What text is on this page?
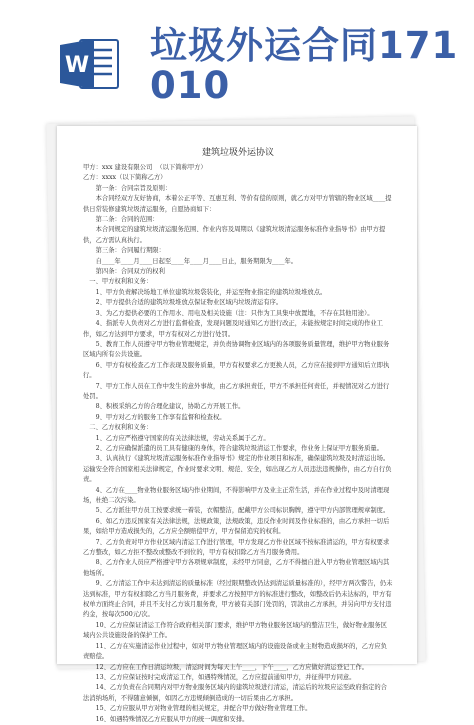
W 垃圾外运合同171010
建筑垃圾外运协议

甲方：xxx 建设有限公司  （以下简称甲方）

乙方：xxxx（以下简称乙方）

第一条：合同宗旨及原则：

本合同经双方友好协商，本着公正平等、互惠互利、等价有偿的原则，就乙方对甲方管辖的物业区域____提供日常装修建筑垃圾清运服务，自愿协商如下：

第二条：合同的范围：

本合同规定的建筑垃圾清运服务范围、作业内容及周期以《建筑垃圾清运服务标准作业指导书》由甲方提供，乙方需认真执行。

第三条：合同履行期限：

自____年____月____日起至____年____月____日止，服务期限为____年。

第四条：合同双方的权利

一、甲方权利和义务：

1、甲方负责解决场地工单位建筑垃圾袋装化，并运至物业指定的建筑垃圾堆放点。

2、甲方提供合适的建筑垃圾堆放点保证物业区域内垃圾清运有序。

3、为乙方提供必要的工作用水、用电及相关设施（注：只作为工具集中放置地，不存在其他用途）。

4、指派专人负责对乙方进行监督检查，发现问题及时通知乙方进行改正，未能按规定时间完成的作业工作，如乙方达到甲方要求，甲方有权对乙方进行处罚。

5、教育工作人员遵守甲方物业管理规定，并负责协调物业区域内的各项服务质量管理，维护甲方物业服务区域内所有公共设施。

6、甲方有权检查乙方工作表现及服务质量，甲方有权要求乙方更换人员，乙方应在接到甲方通知后立即执行。

7、甲方工作人员在工作中发生的意外事故，由乙方承担责任，甲方不承担任何责任，并视情况对乙方进行处罚。

8、积极采纳乙方的合理化建议，协助乙方开展工作。

9、甲方对乙方的服务工作享有监督和检查权。

二、乙方权利和义务：

1、乙方应严格遵守国家的有关法律法规，劳动关系属于乙方。

2、乙方应确保派遣的员工具有健康的身体，符合建筑垃圾清运工作要求，作业务上保证甲方服务质量。

3、认真执行《建筑垃圾清运服务标准作业指导书》规定的作业项目和标准，确保建筑垃圾及时清运出场。运输安全符合国家相关法律规定，作业时要求文明、规范、安全，如出现乙方人员违法违规操作，由乙方自行负责。

4、乙方在____物业物业服务区域内作业期间，不得影响甲方及业主正常生活，并在作业过程中及时清理现场，杜绝二次污染。

5、乙方派往甲方员工按要求统一着装，衣帽整洁，配戴甲方公司标识胸牌，遵守甲方内部管理规章制度。

6、如乙方违反国家有关法律法规，法规政策，法规政策，违反作业时间及作业标准的，由乙方承担一切后果，如给甲方造成损失的，乙方应全额赔偿甲方，甲方保留追究的权利。

7、乙方负责对甲方作业区域内清运工作进行管理，甲方发现乙方作业区域不按标准清运的，甲方有权要求乙方整改，如乙方拒不整改或整改不到位的，甲方有权扣除乙方当月服务费用。

8、乙方作业人员应严格遵守甲方各项规章制度，未经甲方同意，乙方不得擅自进入甲方物业管理区域内其他场所。

9、乙方清运工作中未达到清运的质量标准（经过限期整改仍达到清运质量标准的），经甲方两次警告，仍未达到标准，甲方有权扣除乙方当月服务费，并要求乙方按照甲方的标准进行整改，如整改后仍未达标的，甲方有权单方面终止合同，并且不支付乙方该月服务费，甲方被有关部门处罚的，罚款由乙方承担，并另向甲方支付违约金，按每次500元/次。

10、乙方应保证清运工作符合政府相关部门要求，维护甲方物业服务区域内的整洁卫生，做好物业服务区域内公共设施设备的保护工作。

11、乙方在实施清运作业过程中，如对甲方物业管理区域内的设施设备或业主财物造成损坏的，乙方应负责赔偿。

12、乙方应在工作日清运垃圾，清运时间为每天上午____，下午____，乙方应做好清运登记工作。

13、乙方应保证按时完成清运工作，如遇特殊情况，乙方应提前通知甲方，并征得甲方同意。

14、乙方负责在合同期内对甲方物业服务区域内的建筑垃圾进行清运，清运后的垃圾应运至政府指定的合法消纳场所，不得随意倾倒，如因乙方违规倾倒造成的一切后果由乙方承担。

15、乙方应服从甲方对物业管理的相关规定，并配合甲方做好物业管理工作。

16、如遇特殊情况乙方应服从甲方的统一调度和安排。
